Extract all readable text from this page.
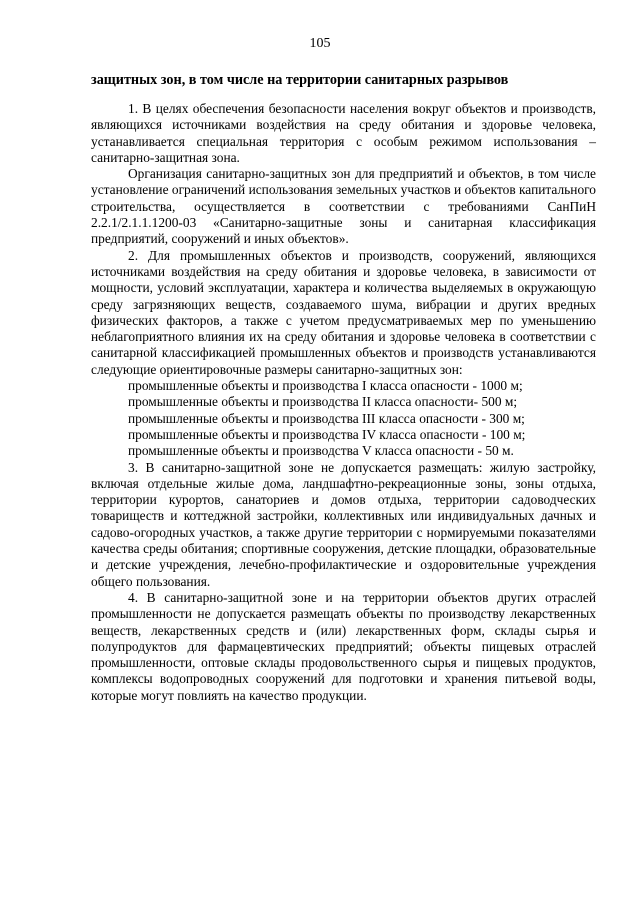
105
защитных зон, в том числе на территории санитарных разрывов

1. В целях обеспечения безопасности населения вокруг объектов и производств, являющихся источниками воздействия на среду обитания и здоровье человека, устанавливается специальная территория с особым режимом использования – санитарно-защитная зона.

Организация санитарно-защитных зон для предприятий и объектов, в том числе установление ограничений использования земельных участков и объектов капитального строительства, осуществляется в соответствии с требованиями СанПиН 2.2.1/2.1.1.1200-03 «Санитарно-защитные зоны и санитарная классификация предприятий, сооружений и иных объектов».

2. Для промышленных объектов и производств, сооружений, являющихся источниками воздействия на среду обитания и здоровье человека, в зависимости от мощности, условий эксплуатации, характера и количества выделяемых в окружающую среду загрязняющих веществ, создаваемого шума, вибрации и других вредных физических факторов, а также с учетом предусматриваемых мер по уменьшению неблагоприятного влияния их на среду обитания и здоровье человека в соответствии с санитарной классификацией промышленных объектов и производств устанавливаются следующие ориентировочные размеры санитарно-защитных зон:

промышленные объекты и производства I класса опасности - 1000 м;

промышленные объекты и производства II класса опасности- 500 м;

промышленные объекты и производства III класса опасности - 300 м;

промышленные объекты и производства IV класса опасности - 100 м;

промышленные объекты и производства V класса опасности - 50 м.

3. В санитарно-защитной зоне не допускается размещать: жилую застройку, включая отдельные жилые дома, ландшафтно-рекреационные зоны, зоны отдыха, территории курортов, санаториев и домов отдыха, территории садоводческих товариществ и коттеджной застройки, коллективных или индивидуальных дачных и садово-огородных участков, а также другие территории с нормируемыми показателями качества среды обитания; спортивные сооружения, детские площадки, образовательные и детские учреждения, лечебно-профилактические и оздоровительные учреждения общего пользования.

4. В санитарно-защитной зоне и на территории объектов других отраслей промышленности не допускается размещать объекты по производству лекарственных веществ, лекарственных средств и (или) лекарственных форм, склады сырья и полупродуктов для фармацевтических предприятий; объекты пищевых отраслей промышленности, оптовые склады продовольственного сырья и пищевых продуктов, комплексы водопроводных сооружений для подготовки и хранения питьевой воды, которые могут повлиять на качество продукции.
